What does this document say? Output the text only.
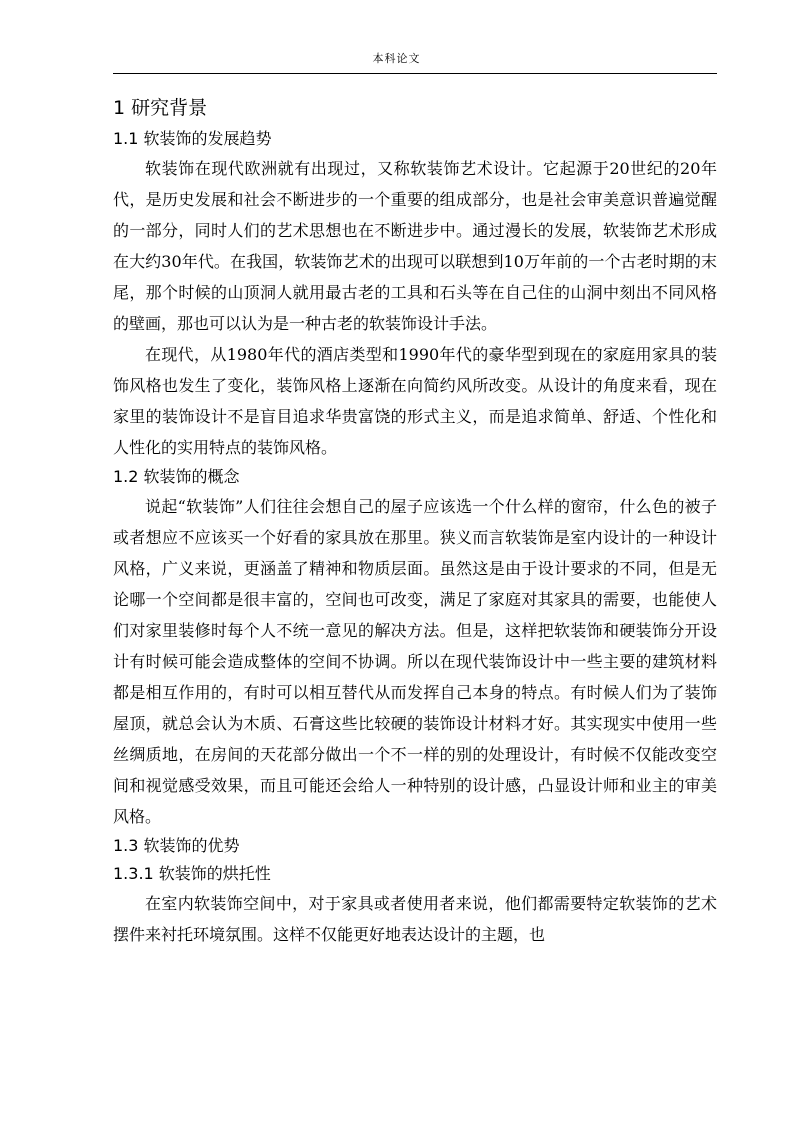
本科论文
1 研究背景
1.1 软装饰的发展趋势

软装饰在现代欧洲就有出现过，又称软装饰艺术设计。它起源于20世纪的20年代，是历史发展和社会不断进步的一个重要的组成部分，也是社会审美意识普遍觉醒的一部分，同时人们的艺术思想也在不断进步中。通过漫长的发展，软装饰艺术形成在大约30年代。在我国，软装饰艺术的出现可以联想到10万年前的一个古老时期的末尾，那个时候的山顶洞人就用最古老的工具和石头等在自己住的山洞中刻出不同风格的壁画，那也可以认为是一种古老的软装饰设计手法。

在现代，从1980年代的酒店类型和1990年代的豪华型到现在的家庭用家具的装饰风格也发生了变化，装饰风格上逐渐在向简约风所改变。从设计的角度来看，现在家里的装饰设计不是盲目追求华贵富饶的形式主义，而是追求简单、舒适、个性化和人性化的实用特点的装饰风格。

1.2 软装饰的概念

说起“软装饰”人们往往会想自己的屋子应该选一个什么样的窗帘，什么色的被子或者想应不应该买一个好看的家具放在那里。狭义而言软装饰是室内设计的一种设计风格，广义来说，更涵盖了精神和物质层面。虽然这是由于设计要求的不同，但是无论哪一个空间都是很丰富的，空间也可改变，满足了家庭对其家具的需要，也能使人们对家里装修时每个人不统一意见的解决方法。但是，这样把软装饰和硬装饰分开设计有时候可能会造成整体的空间不协调。所以在现代装饰设计中一些主要的建筑材料都是相互作用的，有时可以相互替代从而发挥自己本身的特点。有时候人们为了装饰屋顶，就总会认为木质、石膏这些比较硬的装饰设计材料才好。其实现实中使用一些丝绸质地，在房间的天花部分做出一个不一样的别的处理设计，有时候不仅能改变空间和视觉感受效果，而且可能还会给人一种特别的设计感，凸显设计师和业主的审美风格。

1.3 软装饰的优势
1.3.1 软装饰的烘托性

在室内软装饰空间中，对于家具或者使用者来说，他们都需要特定软装饰的艺术摆件来衬托环境氛围。这样不仅能更好地表达设计的主题，也
